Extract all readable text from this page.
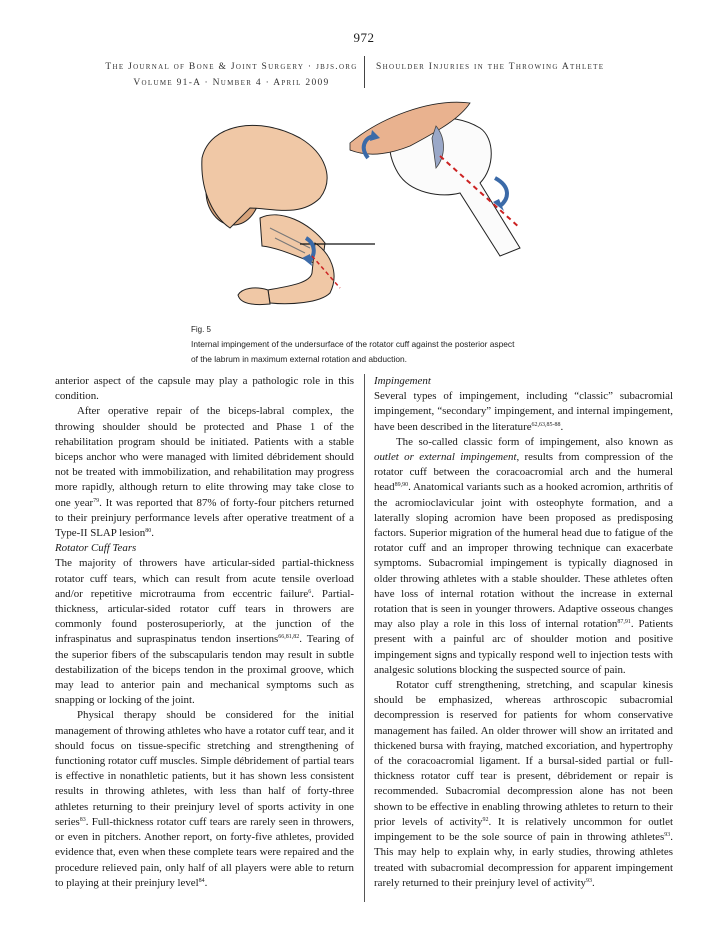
972
The Journal of Bone & Joint Surgery · jbjs.org
Volume 91-A · Number 4 · April 2009
Shoulder Injuries in the Throwing Athlete
Fig. 5
Internal impingement of the undersurface of the rotator cuff against the posterior aspect of the labrum in maximum external rotation and abduction.

anterior aspect of the capsule may play a pathologic role in this condition.

After operative repair of the biceps-labral complex, the throwing shoulder should be protected and Phase 1 of the rehabilitation program should be initiated. Patients with a stable biceps anchor who were managed with limited débridement should not be treated with immobilization, and rehabilitation may progress more rapidly, although return to elite throwing may take close to one year$^{79}$. It was reported that 87% of forty-four pitchers returned to their preinjury performance levels after operative treatment of a Type-II SLAP lesion$^{80}$.

Rotator Cuff Tears

The majority of throwers have articular-sided partial-thickness rotator cuff tears, which can result from acute tensile overload and/or repetitive microtrauma from eccentric failure$^6$. Partial-thickness, articular-sided rotator cuff tears in throwers are commonly found posterosuperiorly, at the junction of the infraspinatus and supraspinatus tendon insertions$^{66,81,82}$. Tearing of the superior fibers of the subscapularis tendon may result in subtle destabilization of the biceps tendon in the proximal groove, which may lead to anterior pain and mechanical symptoms such as snapping or locking of the joint.

Physical therapy should be considered for the initial management of throwing athletes who have a rotator cuff tear, and it should focus on tissue-specific stretching and strengthening of functioning rotator cuff muscles. Simple débridement of partial tears is effective in nonathletic patients, but it has shown less consistent results in throwing athletes, with less than half of forty-three athletes returning to their preinjury level of sports activity in one series$^{83}$. Full-thickness rotator cuff tears are rarely seen in throwers, or even in pitchers. Another report, on forty-five athletes, provided evidence that, even when these complete tears were repaired and the procedure relieved pain, only half of all players were able to return to playing at their preinjury level$^{84}$.

Impingement

Several types of impingement, including “classic” subacromial impingement, “secondary” impingement, and internal impingement, have been described in the literature$^{62,63,85-88}$.

The so-called classic form of impingement, also known as outlet or external impingement, results from compression of the rotator cuff between the coracoacromial arch and the humeral head$^{89,90}$. Anatomical variants such as a hooked acromion, arthritis of the acromioclavicular joint with osteophyte formation, and a laterally sloping acromion have been proposed as predisposing factors. Superior migration of the humeral head due to fatigue of the rotator cuff and an improper throwing technique can exacerbate symptoms. Subacromial impingement is typically diagnosed in older throwing athletes with a stable shoulder. These athletes often have loss of internal rotation without the increase in external rotation that is seen in younger throwers. Adaptive osseous changes may also play a role in this loss of internal rotation$^{87,91}$. Patients present with a painful arc of shoulder motion and positive impingement signs and typically respond well to injection tests with analgesic solutions blocking the suspected source of pain.

Rotator cuff strengthening, stretching, and scapular kinesis should be emphasized, whereas arthroscopic subacromial decompression is reserved for patients for whom conservative management has failed. An older thrower will show an irritated and thickened bursa with fraying, matched excoriation, and hypertrophy of the coracoacromial ligament. If a bursal-sided partial or full-thickness rotator cuff tear is present, débridement or repair is recommended. Subacromial decompression alone has not been shown to be effective in enabling throwing athletes to return to their prior levels of activity$^{92}$. It is relatively uncommon for outlet impingement to be the sole source of pain in throwing athletes$^{93}$. This may help to explain why, in early studies, throwing athletes treated with subacromial decompression for apparent impingement rarely returned to their preinjury level of activity$^{93}$.
